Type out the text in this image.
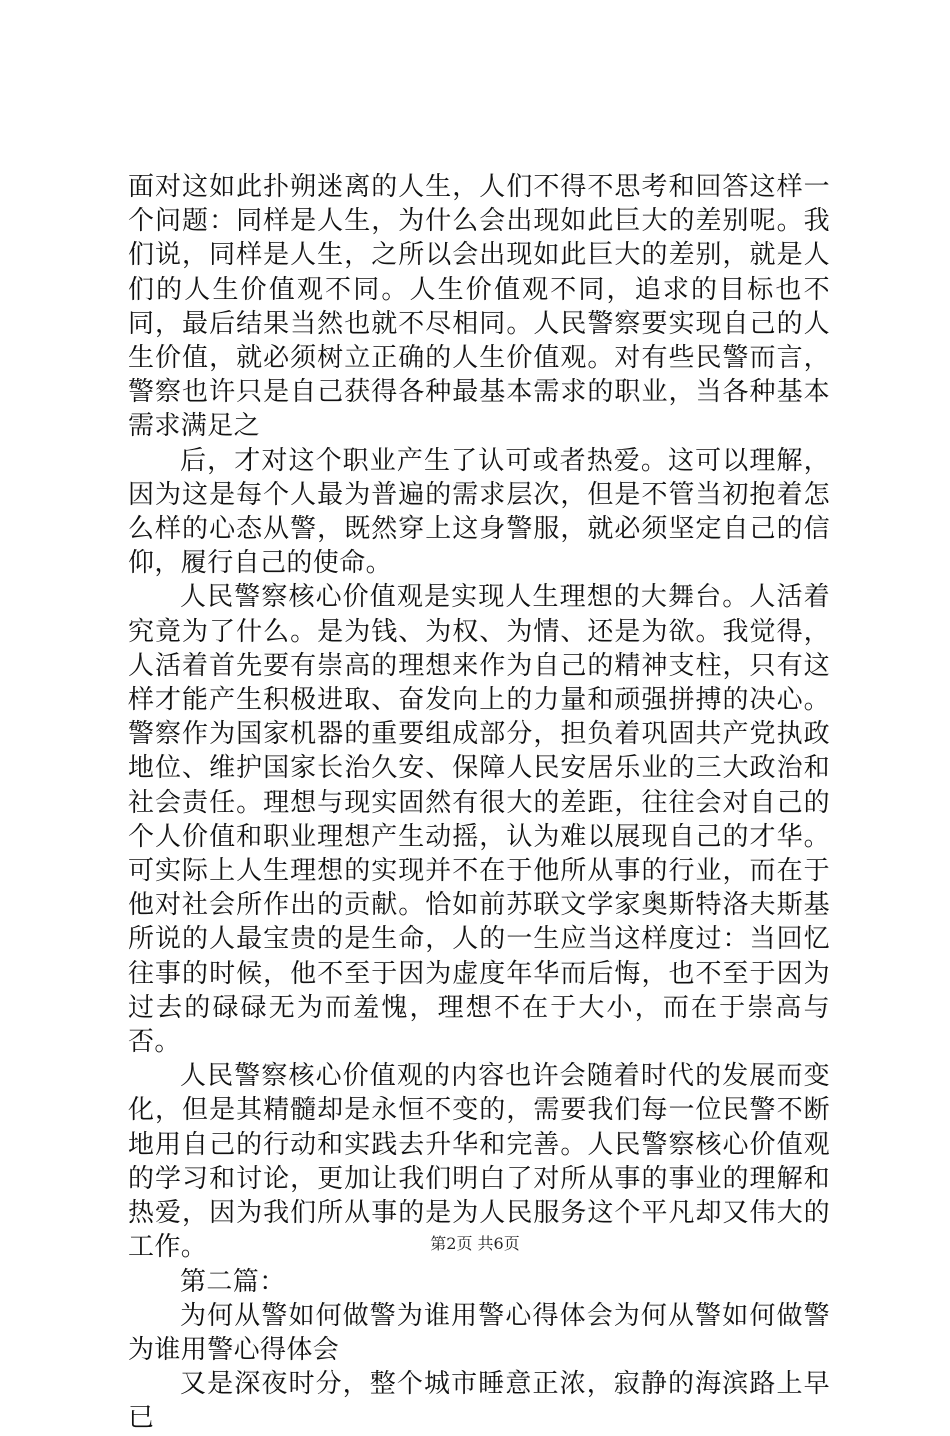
面对这如此扑朔迷离的人生，人们不得不思考和回答这样一个问题：同样是人生，为什么会出现如此巨大的差别呢。我们说，同样是人生，之所以会出现如此巨大的差别，就是人们的人生价值观不同。人生价值观不同，追求的目标也不同，最后结果当然也就不尽相同。人民警察要实现自己的人生价值，就必须树立正确的人生价值观。对有些民警而言，警察也许只是自己获得各种最基本需求的职业，当各种基本需求满足之

后，才对这个职业产生了认可或者热爱。这可以理解，因为这是每个人最为普遍的需求层次，但是不管当初抱着怎么样的心态从警，既然穿上这身警服，就必须坚定自己的信仰，履行自己的使命。

人民警察核心价值观是实现人生理想的大舞台。人活着究竟为了什么。是为钱、为权、为情、还是为欲。我觉得，人活着首先要有崇高的理想来作为自己的精神支柱，只有这样才能产生积极进取、奋发向上的力量和顽强拼搏的决心。警察作为国家机器的重要组成部分，担负着巩固共产党执政地位、维护国家长治久安、保障人民安居乐业的三大政治和社会责任。理想与现实固然有很大的差距，往往会对自己的个人价值和职业理想产生动摇，认为难以展现自己的才华。可实际上人生理想的实现并不在于他所从事的行业，而在于他对社会所作出的贡献。恰如前苏联文学家奥斯特洛夫斯基所说的人最宝贵的是生命，人的一生应当这样度过：当回忆往事的时候，他不至于因为虚度年华而后悔，也不至于因为过去的碌碌无为而羞愧，理想不在于大小，而在于崇高与否。

人民警察核心价值观的内容也许会随着时代的发展而变化，但是其精髓却是永恒不变的，需要我们每一位民警不断地用自己的行动和实践去升华和完善。人民警察核心价值观的学习和讨论，更加让我们明白了对所从事的事业的理解和热爱，因为我们所从事的是为人民服务这个平凡却又伟大的工作。

第二篇：

为何从警如何做警为谁用警心得体会为何从警如何做警为谁用警心得体会

又是深夜时分，整个城市睡意正浓，寂静的海滨路上早已

第2页 共6页
